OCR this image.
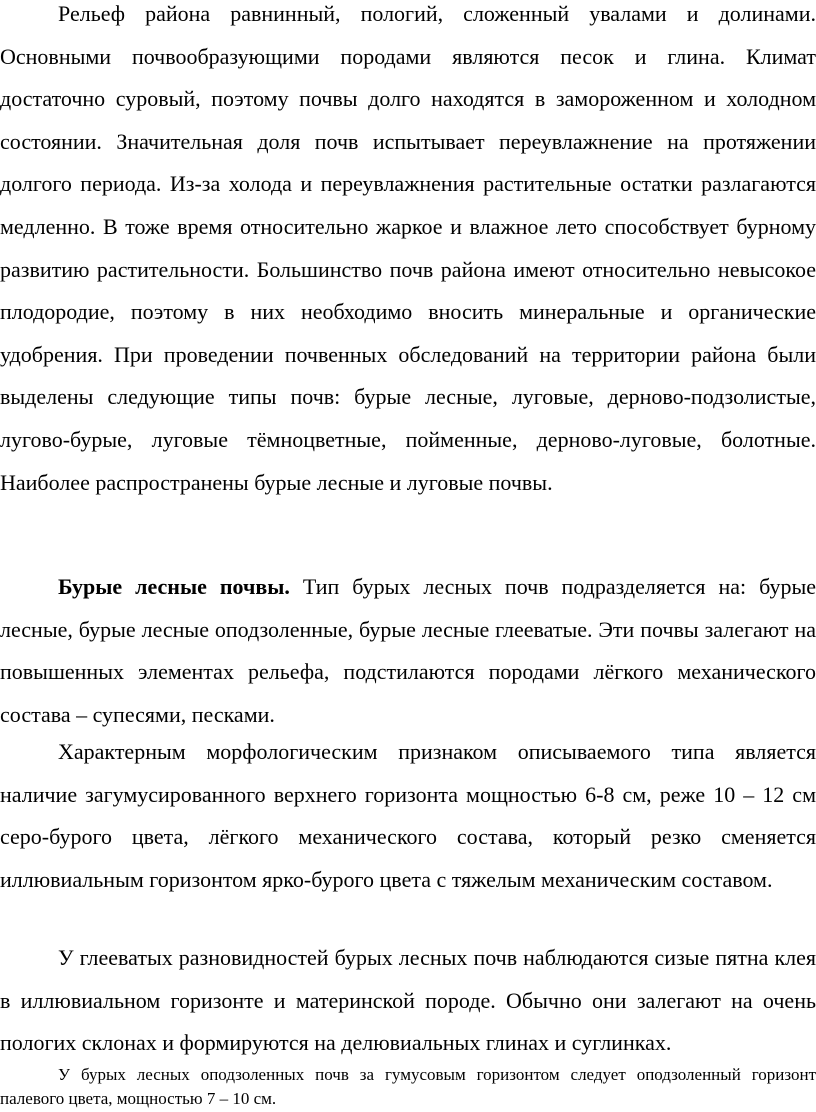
Рельеф района равнинный, пологий, сложенный увалами и долинами. Основными почвообразующими породами являются песок и глина. Климат достаточно суровый, поэтому почвы долго находятся в замороженном и холодном состоянии. Значительная доля почв испытывает переувлажнение на протяжении долгого периода. Из-за холода и переувлажнения растительные остатки разлагаются медленно. В тоже время относительно жаркое и влажное лето способствует бурному развитию растительности. Большинство почв района имеют относительно невысокое плодородие, поэтому в них необходимо вносить минеральные и органические удобрения. При проведении почвенных обследований на территории района были выделены следующие типы почв: бурые лесные, луговые, дерново-подзолистые, лугово-бурые, луговые тёмноцветные, пойменные, дерново-луговые, болотные. Наиболее распространены бурые лесные и луговые почвы.

Бурые лесные почвы. Тип бурых лесных почв подразделяется на: бурые лесные, бурые лесные оподзоленные, бурые лесные глееватые. Эти почвы залегают на повышенных элементах рельефа, подстилаются породами лёгкого механического состава – супесями, песками.

Характерным морфологическим признаком описываемого типа является наличие загумусированного верхнего горизонта мощностью 6-8 см, реже 10 – 12 см серо-бурого цвета, лёгкого механического состава, который резко сменяется иллювиальным горизонтом ярко-бурого цвета с тяжелым механическим составом.

У глееватых разновидностей бурых лесных почв наблюдаются сизые пятна клея в иллювиальном горизонте и материнской породе. Обычно они залегают на очень пологих склонах и формируются на делювиальных глинах и суглинках.

У бурых лесных оподзоленных почв за гумусовым горизонтом следует оподзоленный горизонт палевого цвета, мощностью 7 – 10 см.
